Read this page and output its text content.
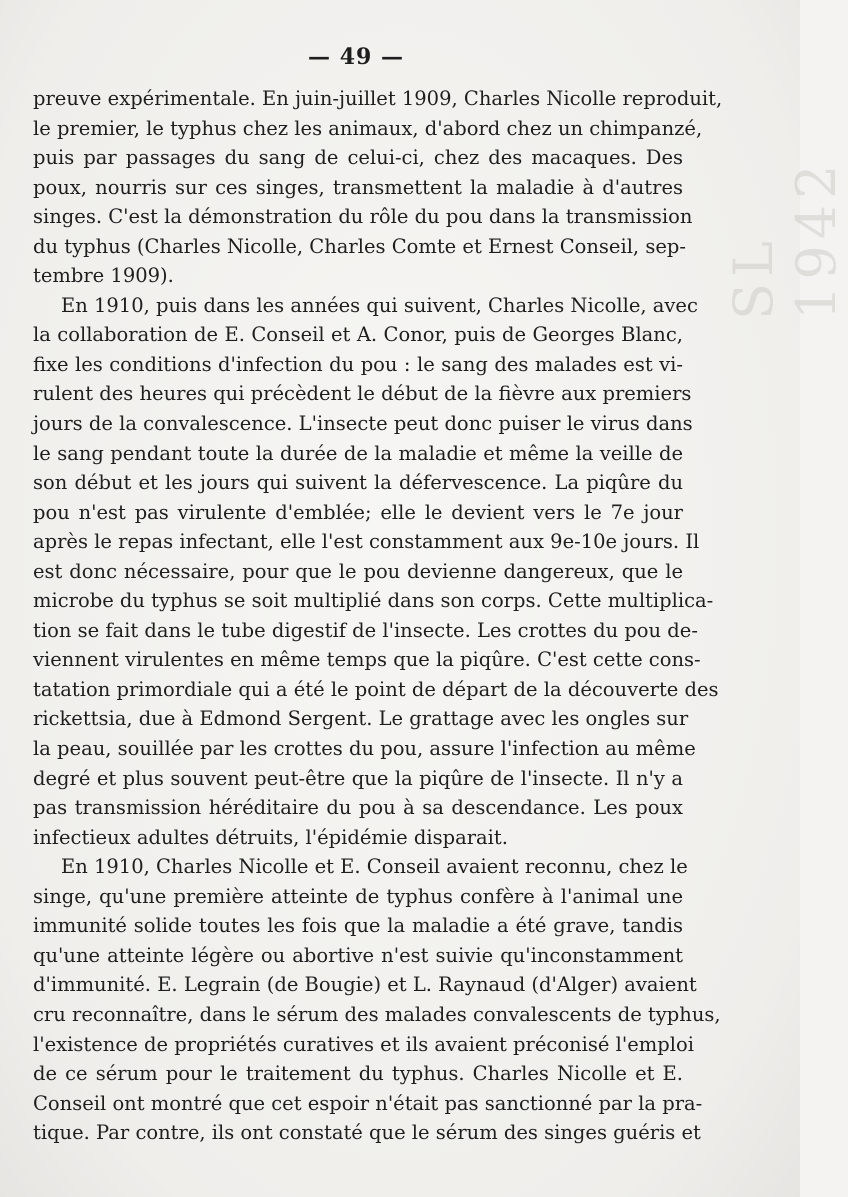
SL 1942
— 49 —
preuve expérimentale. En juin-juillet 1909, Charles Nicolle reproduit,
le premier, le typhus chez les animaux, d'abord chez un chimpanzé,
puis par passages du sang de celui-ci, chez des macaques. Des
poux, nourris sur ces singes, transmettent la maladie à d'autres
singes. C'est la démonstration du rôle du pou dans la transmission
du typhus (Charles Nicolle, Charles Comte et Ernest Conseil, sep-
tembre 1909).
En 1910, puis dans les années qui suivent, Charles Nicolle, avec
la collaboration de E. Conseil et A. Conor, puis de Georges Blanc,
fixe les conditions d'infection du pou : le sang des malades est vi-
rulent des heures qui précèdent le début de la fièvre aux premiers
jours de la convalescence. L'insecte peut donc puiser le virus dans
le sang pendant toute la durée de la maladie et même la veille de
son début et les jours qui suivent la défervescence. La piqûre du
pou n'est pas virulente d'emblée; elle le devient vers le 7e jour
après le repas infectant, elle l'est constamment aux 9e-10e jours. Il
est donc nécessaire, pour que le pou devienne dangereux, que le
microbe du typhus se soit multiplié dans son corps. Cette multiplica-
tion se fait dans le tube digestif de l'insecte. Les crottes du pou de-
viennent virulentes en même temps que la piqûre. C'est cette cons-
tatation primordiale qui a été le point de départ de la découverte des
rickettsia, due à Edmond Sergent. Le grattage avec les ongles sur
la peau, souillée par les crottes du pou, assure l'infection au même
degré et plus souvent peut-être que la piqûre de l'insecte. Il n'y a
pas transmission héréditaire du pou à sa descendance. Les poux
infectieux adultes détruits, l'épidémie disparait.
En 1910, Charles Nicolle et E. Conseil avaient reconnu, chez le
singe, qu'une première atteinte de typhus confère à l'animal une
immunité solide toutes les fois que la maladie a été grave, tandis
qu'une atteinte légère ou abortive n'est suivie qu'inconstamment
d'immunité. E. Legrain (de Bougie) et L. Raynaud (d'Alger) avaient
cru reconnaître, dans le sérum des malades convalescents de typhus,
l'existence de propriétés curatives et ils avaient préconisé l'emploi
de ce sérum pour le traitement du typhus. Charles Nicolle et E.
Conseil ont montré que cet espoir n'était pas sanctionné par la pra-
tique. Par contre, ils ont constaté que le sérum des singes guéris et
